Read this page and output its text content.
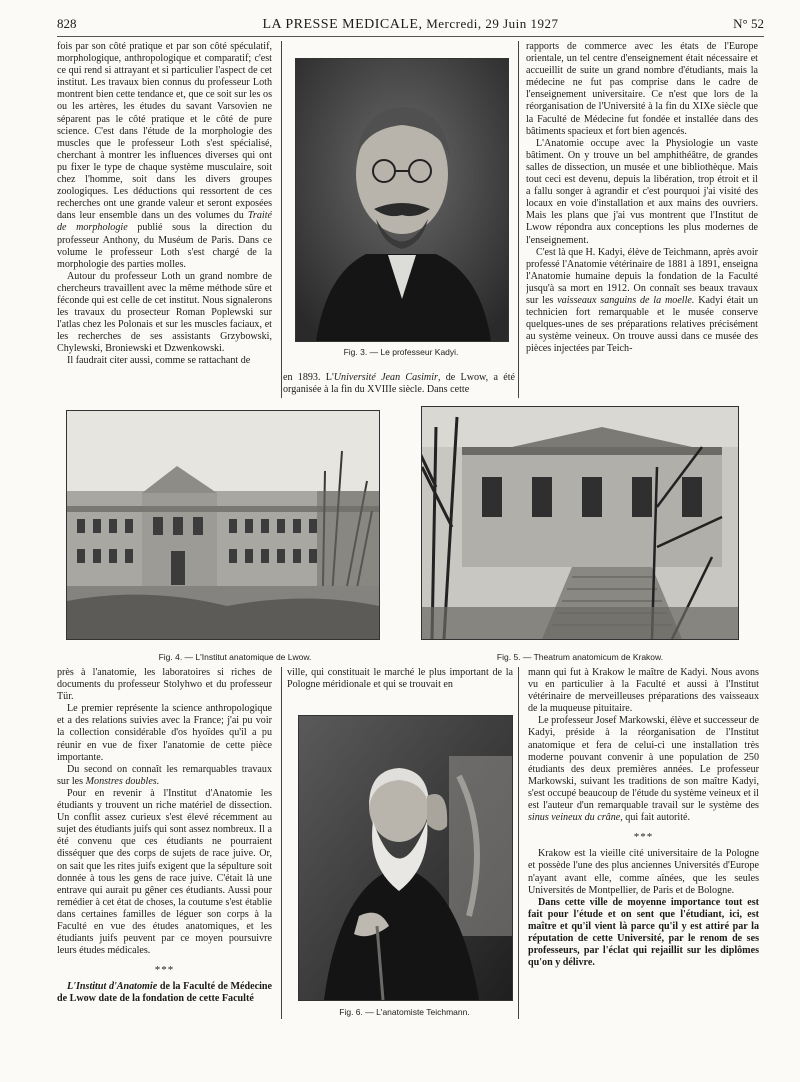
828	LA PRESSE MEDICALE, Mercredi, 29 Juin 1927	N° 52

fois par son côté pratique et par son côté spéculatif, morphologique, anthropologique et comparatif; c'est ce qui rend si attrayant et si particulier l'aspect de cet institut. Les travaux bien connus du professeur Loth montrent bien cette tendance et, que ce soit sur les os ou les artères, les études du savant Varsovien ne séparent pas le côté pratique et le côté de pure science. C'est dans l'étude de la morphologie des muscles que le professeur Loth s'est spécialisé, cherchant à montrer les influences diverses qui ont pu fixer le type de chaque système musculaire, soit chez l'homme, soit dans les divers groupes zoologiques. Les déductions qui ressortent de ces recherches ont une grande valeur et seront exposées dans leur ensemble dans un des volumes du Traité de morphologie publié sous la direction du professeur Anthony, du Muséum de Paris. Dans ce volume le professeur Loth s'est chargé de la morphologie des parties molles.

Autour du professeur Loth un grand nombre de chercheurs travaillent avec la même méthode sûre et féconde qui est celle de cet institut. Nous signalerons les travaux du prosecteur Roman Poplewski sur l'atlas chez les Polonais et sur les muscles faciaux, et les recherches de ses assistants Grzybowski, Chylewski, Broniewski et Dzwenkowski.

Il faudrait citer aussi, comme se rattachant de

Fig. 3. — Le professeur Kadyi.

en 1893. L'Université Jean Casimir, de Lwow, a été organisée à la fin du XVIIIe siècle. Dans cette

rapports de commerce avec les états de l'Europe orientale, un tel centre d'enseignement était nécessaire et accueillit de suite un grand nombre d'étudiants, mais la médecine ne fut pas comprise dans le cadre de l'enseignement universitaire. Ce n'est que lors de la réorganisation de l'Université à la fin du XIXe siècle que la Faculté de Médecine fut fondée et installée dans des bâtiments spacieux et fort bien agencés.

L'Anatomie occupe avec la Physiologie un vaste bâtiment. On y trouve un bel amphithéâtre, de grandes salles de dissection, un musée et une bibliothèque. Mais tout ceci est devenu, depuis la libération, trop étroit et il a fallu songer à agrandir et c'est pourquoi j'ai visité des locaux en voie d'installation et aux mains des ouvriers. Mais les plans que j'ai vus montrent que l'Institut de Lwow répondra aux conceptions les plus modernes de l'enseignement.

C'est là que H. Kadyi, élève de Teichmann, après avoir professé l'Anatomie vétérinaire de 1881 à 1891, enseigna l'Anatomie humaine depuis la fondation de la Faculté jusqu'à sa mort en 1912. On connaît ses beaux travaux sur les vaisseaux sanguins de la moelle. Kadyi était un technicien fort remarquable et le musée conserve quelques-unes de ses préparations relatives précisément au système veineux. On trouve aussi dans ce musée des pièces injectées par Teich-

Fig. 4. — L'Institut anatomique de Lwow.	Fig. 5. — Theatrum anatomicum de Krakow.

près à l'anatomie, les laboratoires si riches de documents du professeur Stolyhwo et du professeur Tür.

Le premier représente la science anthropologique et a des relations suivies avec la France; j'ai pu voir la collection considérable d'os hyoïdes qu'il a pu réunir en vue de fixer l'anatomie de cette pièce importante.

Du second on connaît les remarquables travaux sur les Monstres doubles.

Pour en revenir à l'Institut d'Anatomie les étudiants y trouvent un riche matériel de dissection. Un conflit assez curieux s'est élevé récemment au sujet des étudiants juifs qui sont assez nombreux. Il a été convenu que ces étudiants ne pourraient disséquer que des corps de sujets de race juive. Or, on sait que les rites juifs exigent que la sépulture soit donnée à tous les gens de race juive. C'était là une entrave qui aurait pu gêner ces étudiants. Aussi pour remédier à cet état de choses, la coutume s'est établie dans certaines familles de léguer son corps à la Faculté en vue des études anatomiques, et les étudiants juifs peuvent par ce moyen poursuivre leurs études médicales.

***

L'Institut d'Anatomie de la Faculté de Médecine de Lwow date de la fondation de cette Faculté

ville, qui constituait le marché le plus important de la Pologne méridionale et qui se trouvait en

Fig. 6. — L'anatomiste Teichmann.

mann qui fut à Krakow le maître de Kadyi. Nous avons vu en particulier à la Faculté et aussi à l'Institut vétérinaire de merveilleuses préparations des vaisseaux de la muqueuse pituitaire.

Le professeur Josef Markowski, élève et successeur de Kadyi, préside à la réorganisation de l'Institut anatomique et fera de celui-ci une installation très moderne pouvant convenir à une population de 250 étudiants des deux premières années. Le professeur Markowski, suivant les traditions de son maître Kadyi, s'est occupé beaucoup de l'étude du système veineux et il est l'auteur d'un remarquable travail sur le système des sinus veineux du crâne, qui fait autorité.

***

Krakow est la vieille cité universitaire de la Pologne et possède l'une des plus anciennes Universités d'Europe n'ayant avant elle, comme aînées, que les seules Universités de Montpellier, de Paris et de Bologne.

Dans cette ville de moyenne importance tout est fait pour l'étude et on sent que l'étudiant, ici, est maître et qu'il vient là parce qu'il y est attiré par la réputation de cette Université, par le renom de ses professeurs, par l'éclat qui rejaillit sur les diplômes qu'on y délivre.
